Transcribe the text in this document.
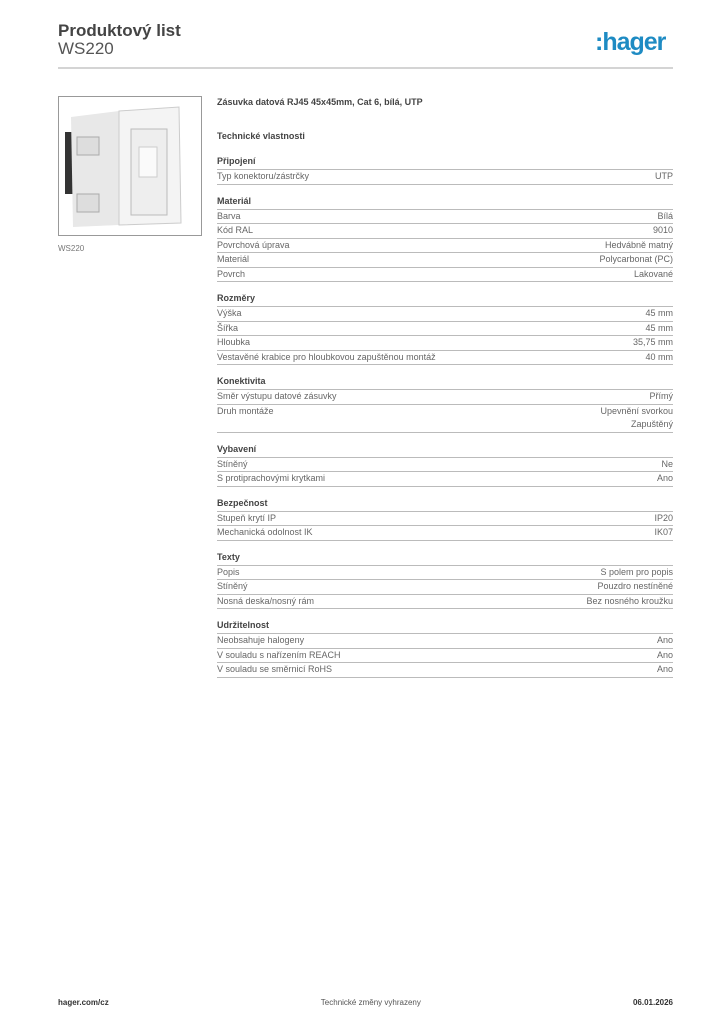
Produktový list
WS220	:hager
WS220
Zásuvka datová RJ45 45x45mm, Cat 6, bílá, UTP
Technické vlastnosti
Připojení
Typ konektoru/zástrčky	UTP
Materiál
Barva	Bílá
Kód RAL	9010
Povrchová úprava	Hedvábně matný
Materiál	Polycarbonat (PC)
Povrch	Lakované
Rozměry
Výška	45 mm
Šířka	45 mm
Hloubka	35,75 mm
Vestavěné krabice pro hloubkovou zapuštěnou montáž	40 mm
Konektivita
Směr výstupu datové zásuvky	Přímý
Druh montáže	Upevnění svorkou
Zapuštěný
Vybavení
Stíněný	Ne
S protiprachovými krytkami	Ano
Bezpečnost
Stupeň krytí IP	IP20
Mechanická odolnost IK	IK07
Texty
Popis	S polem pro popis
Stíněný	Pouzdro nestíněné
Nosná deska/nosný rám	Bez nosného kroužku
Udržitelnost
Neobsahuje halogeny	Ano
V souladu s nařízením REACH	Ano
V souladu se směrnicí RoHS	Ano
hager.com/cz	Technické změny vyhrazeny	06.01.2026
